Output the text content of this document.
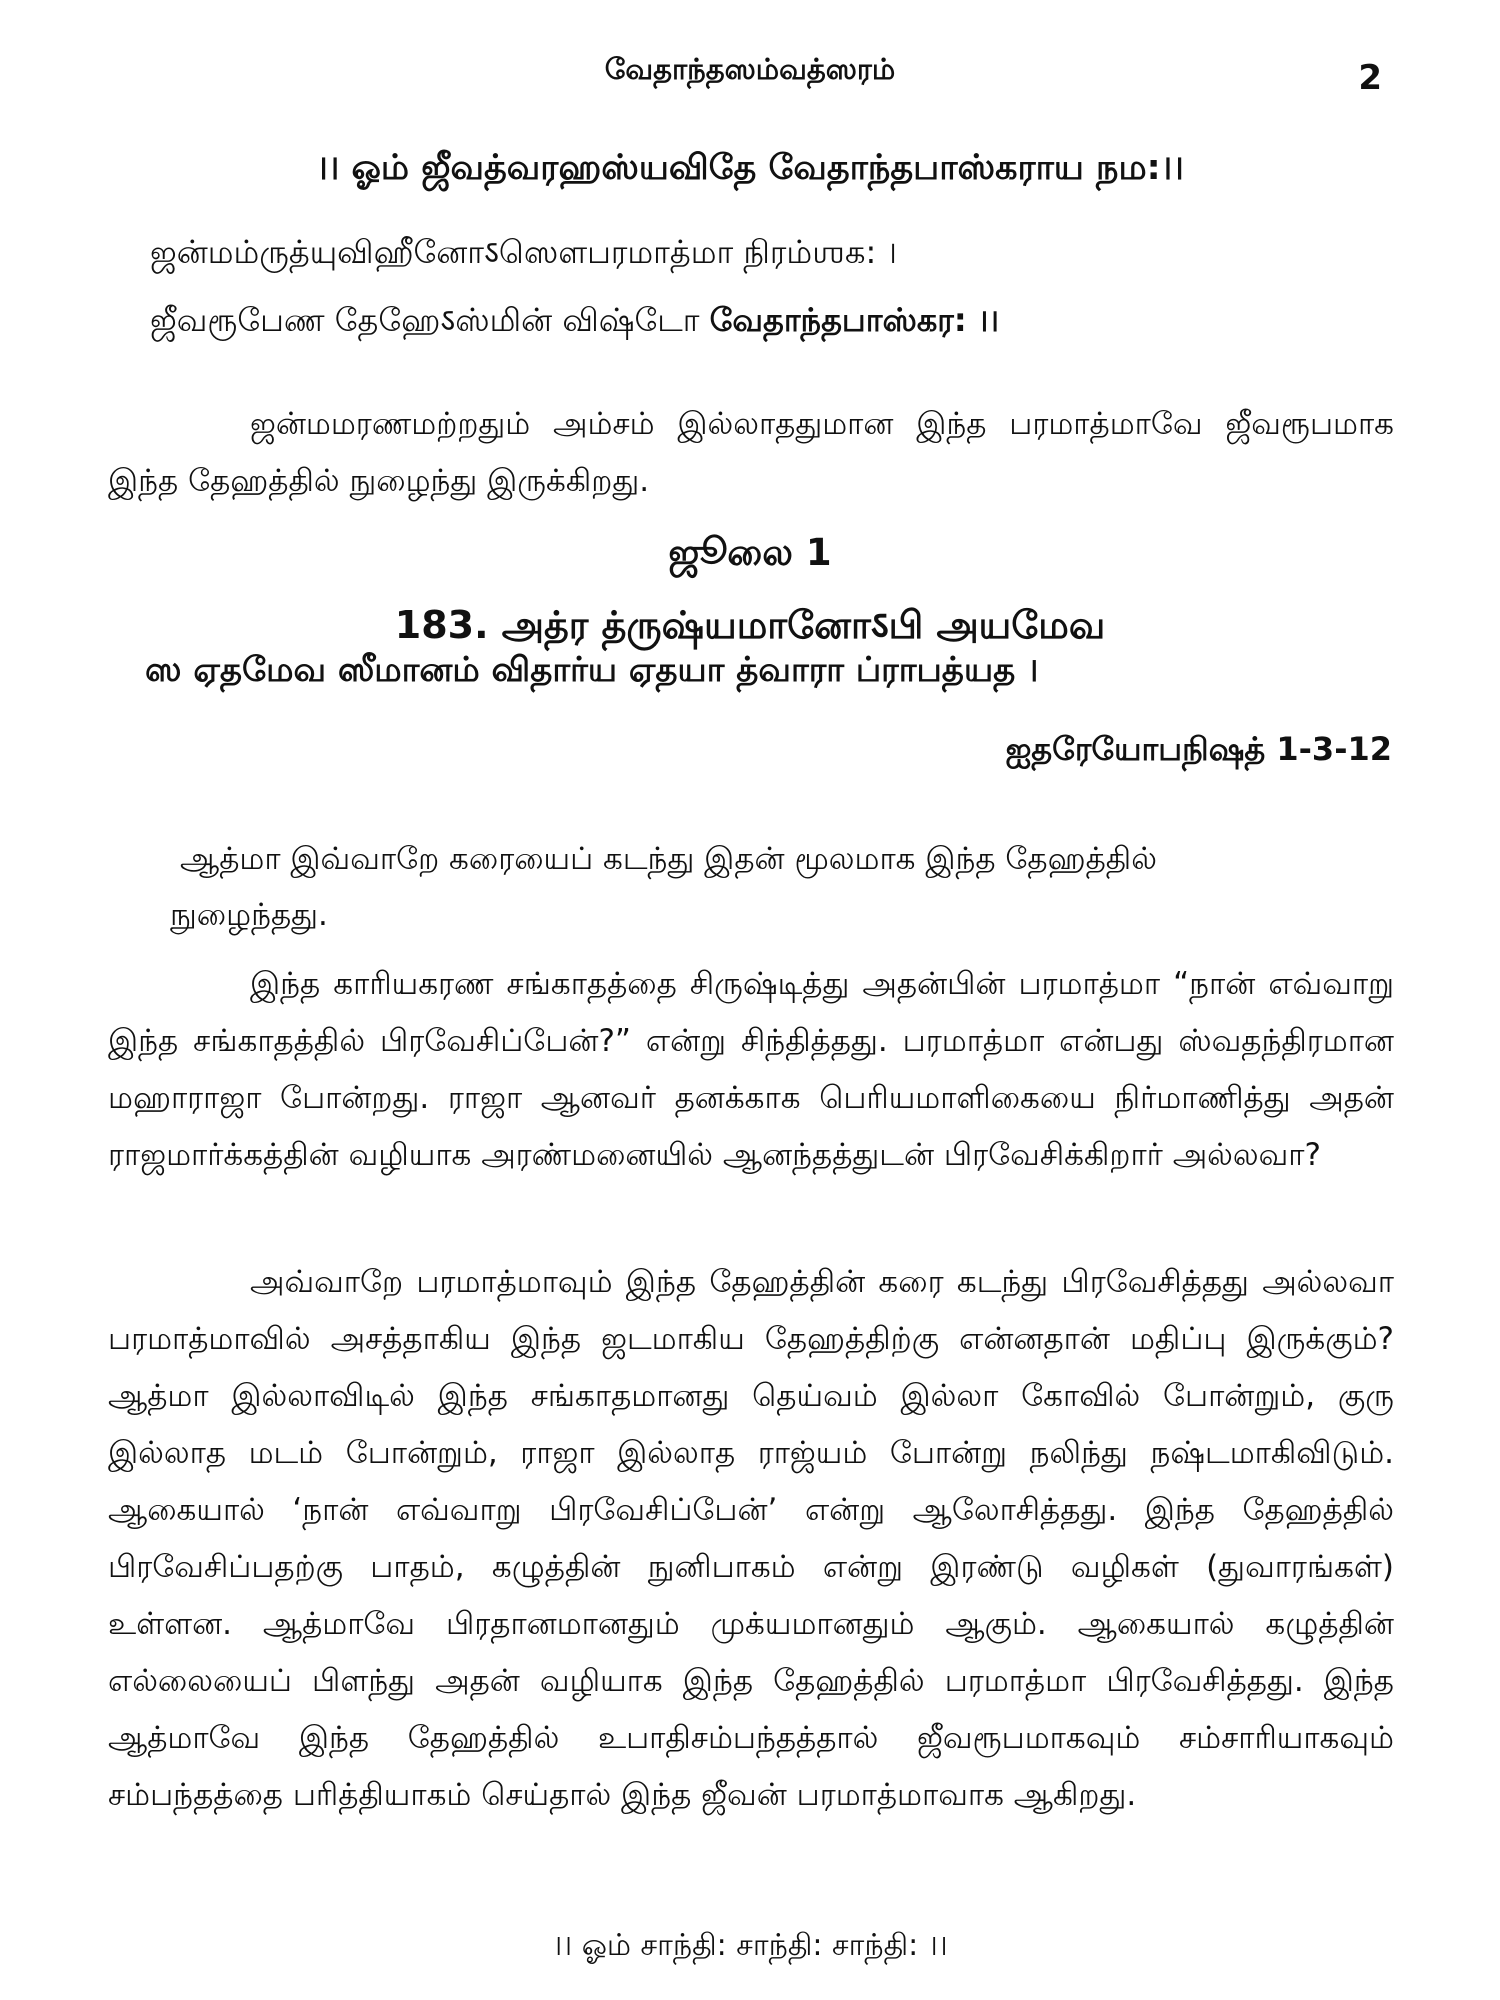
வேதாந்தஸம்வத்ஸரம்	2
।। ஓம் ஜீவத்வரஹஸ்யவிதே வேதாந்தபாஸ்கராய நம:।।
ஜன்மம்ருத்யுவிஹீனோऽஸௌபரமாத்மா நிரம்ஶக: ।
ஜீவரூபேண தேஹேऽஸ்மின் விஷ்டோ வேதாந்தபாஸ்கர: ।।

ஜன்மமரணமற்றதும் அம்சம் இல்லாததுமான இந்த பரமாத்மாவே ஜீவரூபமாக இந்த தேஹத்தில் நுழைந்து இருக்கிறது.

ஜூலை 1
183. அத்ர த்ருஷ்யமானோऽபி அயமேவ
ஸ ஏதமேவ ஸீமானம் விதார்ய ஏதயா த்வாரா ப்ராபத்யத ।
ஐதரேயோபநிஷத் 1-3-12

ஆத்மா இவ்வாறே கரையைப் கடந்து இதன் மூலமாக இந்த தேஹத்தில் நுழைந்தது.

இந்த காரியகரண சங்காதத்தை சிருஷ்டித்து அதன்பின் பரமாத்மா “நான் எவ்வாறு இந்த சங்காதத்தில் பிரவேசிப்பேன்?” என்று சிந்தித்தது. பரமாத்மா என்பது ஸ்வதந்திரமான மஹாராஜா போன்றது. ராஜா ஆனவர் தனக்காக பெரியமாளிகையை நிர்மாணித்து அதன் ராஜமார்க்கத்தின் வழியாக அரண்மனையில் ஆனந்தத்துடன் பிரவேசிக்கிறார் அல்லவா?

அவ்வாறே பரமாத்மாவும் இந்த தேஹத்தின் கரை கடந்து பிரவேசித்தது அல்லவா பரமாத்மாவில் அசத்தாகிய இந்த ஜடமாகிய தேஹத்திற்கு என்னதான் மதிப்பு இருக்கும்? ஆத்மா இல்லாவிடில் இந்த சங்காதமானது தெய்வம் இல்லா கோவில் போன்றும், குரு இல்லாத மடம் போன்றும், ராஜா இல்லாத ராஜ்யம் போன்று நலிந்து நஷ்டமாகிவிடும். ஆகையால் ‘நான் எவ்வாறு பிரவேசிப்பேன்’ என்று ஆலோசித்தது. இந்த தேஹத்தில் பிரவேசிப்பதற்கு பாதம், கழுத்தின் நுனிபாகம் என்று இரண்டு வழிகள் (துவாரங்கள்) உள்ளன. ஆத்மாவே பிரதானமானதும் முக்யமானதும் ஆகும். ஆகையால் கழுத்தின் எல்லையைப் பிளந்து அதன் வழியாக இந்த தேஹத்தில் பரமாத்மா பிரவேசித்தது. இந்த ஆத்மாவே இந்த தேஹத்தில் உபாதிசம்பந்தத்தால் ஜீவரூபமாகவும் சம்சாரியாகவும் சம்பந்தத்தை பரித்தியாகம் செய்தால் இந்த ஜீவன் பரமாத்மாவாக ஆகிறது.

।। ஓம் சாந்தி: சாந்தி: சாந்தி: ।।
